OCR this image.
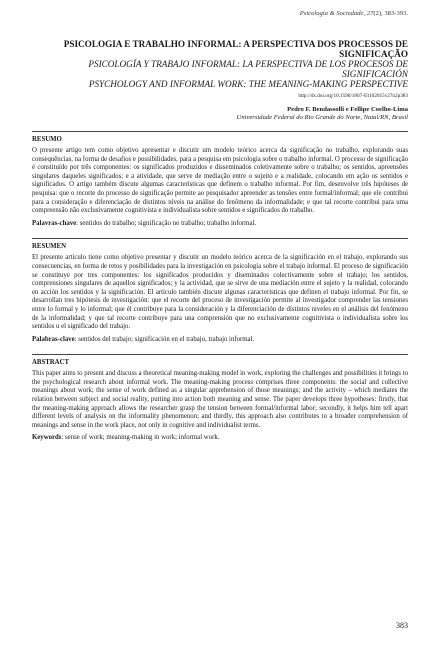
Psicologia & Sociedade, 27(2), 383-393.
PSICOLOGIA E TRABALHO INFORMAL: A PERSPECTIVA DOS PROCESSOS DE SIGNIFICAÇÃO
PSICOLOGÍA Y TRABAJO INFORMAL: LA PERSPECTIVA DE LOS PROCESOS DE SIGNIFICACIÓN
PSYCHOLOGY AND INFORMAL WORK: THE MEANING-MAKING PERSPECTIVE
http://dx.doi.org/10.1590/1807-03102015v27n2p383
Pedro F. Bendassolli e Fellipe Coelho-Lima
Universidade Federal do Rio Grande do Norte, Natal/RN, Brasil
RESUMO
O presente artigo tem como objetivo apresentar e discutir um modelo teórico acerca da significação no trabalho, explorando suas consequências, na forma de desafios e possibilidades, para a pesquisa em psicologia sobre o trabalho informal. O processo de significação é constituído por três componentes: os significados produzidos e disseminados coletivamente sobre o trabalho; os sentidos, apreensões singulares daqueles significados; e a atividade, que serve de mediação entre o sujeito e a realidade, colocando em ação os sentidos e significados. O artigo também discute algumas características que definem o trabalho informal. Por fim, desenvolve três hipóteses de pesquisa: que o recorte do processo de significação permite ao pesquisador apreender as tensões entre formal/informal; que ele contribui para a consideração e diferenciação de distintos níveis na análise do fenômeno da informalidade; e que tal recorte contribui para uma compreensão não exclusivamente cognitivista e individualista sobre sentidos e significados do trabalho.
Palavras-chave: sentidos do trabalho; significação no trabalho; trabalho informal.
RESUMEN
El presente artículo tiene como objetivo presentar y discutir un modelo teórico acerca de la significación en el trabajo, explorando sus consecuencias, en forma de retos y posibilidades para la investigación en psicología sobre el trabajo informal. El proceso de significación se constituye por tres componentes: los significados producidos y diseminados colectivamente sobre el trabajo; los sentidos, comprensiones singulares de aquellos significados; y la actividad, que se sirve de una mediación entre el sujeto y la realidad, colocando en acción los sentidos y la significación. El artículo también discute algunas características que definen el trabajo informal. Por fin, se desarrollan tres hipótesis de investigación: que el recorte del proceso de investigación permite al investigador comprender las tensiones entre lo formal y lo informal; que él contribuye para la consideración y la diferenciación de distintos niveles en el análisis del fenómeno de la informalidad; y que tal recorte contribuye para una comprensión que no exclusivamente cognitivista o individualista sobre los sentidos u el significado del trabajo.
Palabras-clave: sentidos del trabajo; significación en el trabajo, trabajo informal.
ABSTRACT
This paper aims to present and discuss a theoretical meaning-making model in work, exploring the challenges and possibilities it brings to the psychological research about informal work. The meaning-making process comprises three components: the social and collective meanings about work; the sense of work defined as a singular apprehension of those meanings; and the activity – which mediates the relation between subject and social reality, putting into action both meaning and sense. The paper develops three hypotheses: firstly, that the meaning-making approach allows the researcher grasp the tension between formal/informal labor; secondly, it helps him tell apart different levels of analysis on the informality phenomenon; and thirdly, this approach also contributes to a broader comprehension of meanings and sense in the work place, not only in cognitive and individualist terms.
Keywords: sense of work; meaning-making in work; informal work.
383
